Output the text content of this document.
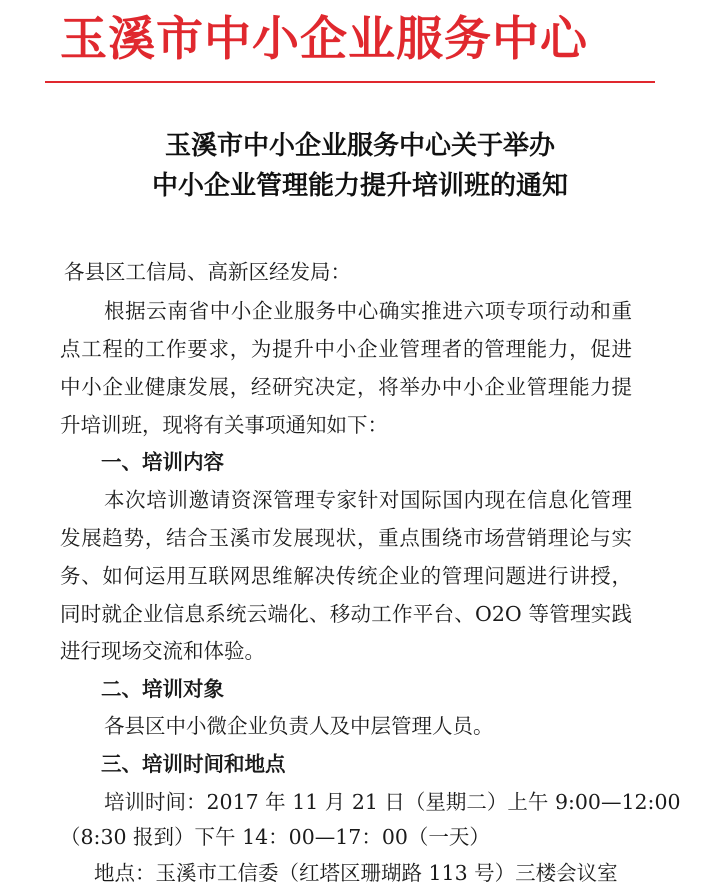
玉溪市中小企业服务中心
玉溪市中小企业服务中心关于举办
中小企业管理能力提升培训班的通知
各县区工信局、高新区经发局：
根据云南省中小企业服务中心确实推进六项专项行动和重
点工程的工作要求，为提升中小企业管理者的管理能力，促进
中小企业健康发展，经研究决定，将举办中小企业管理能力提
升培训班，现将有关事项通知如下：
一、培训内容
本次培训邀请资深管理专家针对国际国内现在信息化管理
发展趋势，结合玉溪市发展现状，重点围绕市场营销理论与实
务、如何运用互联网思维解决传统企业的管理问题进行讲授，
同时就企业信息系统云端化、移动工作平台、O2O 等管理实践
进行现场交流和体验。
二、培训对象
各县区中小微企业负责人及中层管理人员。
三、培训时间和地点
培训时间：2017 年 11 月 21 日（星期二）上午 9:00—12:00
（8:30 报到）下午 14：00—17：00（一天）
地点：玉溪市工信委（红塔区珊瑚路 113 号）三楼会议室
